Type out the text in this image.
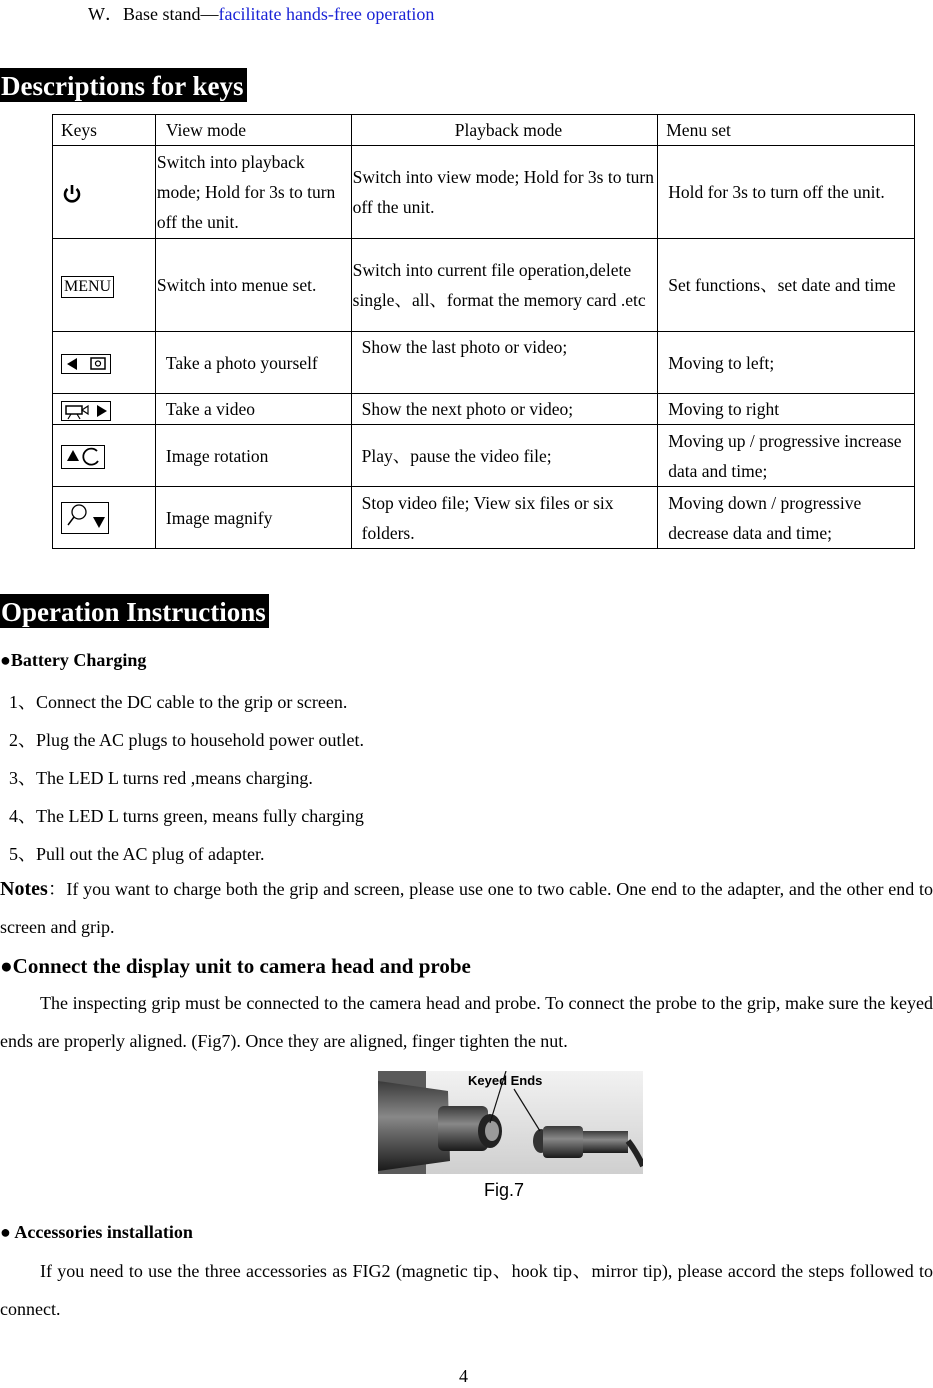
W．Base stand—facilitate hands-free operation
Descriptions for keys
Keys	View mode	Playback mode	Menu set
	Switch into playback mode; Hold for 3s to turn off the unit.	Switch into view mode; Hold for 3s to turn off the unit.	Hold for 3s to turn off the unit.
MENU	Switch into menue set.	Switch into current file operation,delete single、all、format the memory card .etc	Set functions、set date and time

	Take a photo yourself	Show the last photo or video;	Moving to left;
	Take a video	Show the next photo or video;	Moving to right
	Image rotation	Play、pause the video file;	Moving up / progressive increase data and time;
	Image magnify	Stop video file; View six files or six folders.	Moving down / progressive decrease data and time;
Operation Instructions
●Battery Charging
1、Connect the DC cable to the grip or screen.
2、Plug the AC plugs to household power outlet.
3、The LED L turns red ,means charging.
4、The LED L turns green, means fully charging
5、Pull out the AC plug of adapter.
Notes：If you want to charge both the grip and screen, please use one to two cable. One end to the adapter, and the other end to screen and grip.
●Connect the display unit to camera head and probe
The inspecting grip must be connected to the camera head and probe. To connect the probe to the grip, make sure the keyed ends are properly aligned. (Fig7). Once they are aligned, finger tighten the nut.
Keyed Ends
Fig.7
● Accessories installation
If you need to use the three accessories as FIG2 (magnetic tip、hook tip、mirror tip), please accord the steps followed to connect.
4
